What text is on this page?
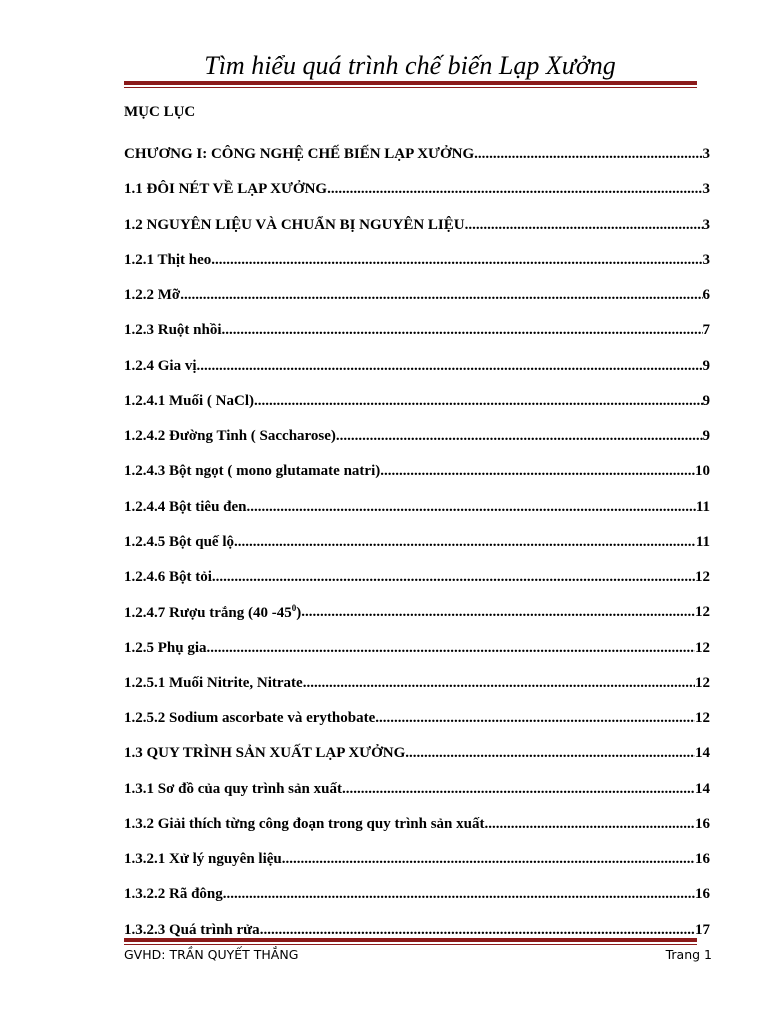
Tìm hiểu quá trình chế biến Lạp Xưởng
MỤC LỤC
CHƯƠNG I: CÔNG NGHỆ CHẾ BIẾN LẠP XƯỞNG .....	3
1.1 ĐÔI NÉT VỀ LẠP XƯỞNG .....	3
1.2 NGUYÊN LIỆU VÀ CHUẨN BỊ NGUYÊN LIỆU .....	3
1.2.1 Thịt heo .....	3
1.2.2 Mỡ .....	6
1.2.3 Ruột nhồi .....	7
1.2.4 Gia vị .....	9
1.2.4.1 Muối ( NaCl) .....	9
1.2.4.2 Đường Tinh ( Saccharose) .....	9
1.2.4.3 Bột ngọt ( mono glutamate natri) .....	10
1.2.4.4 Bột tiêu đen .....	11
1.2.4.5 Bột quế lộ .....	11
1.2.4.6 Bột tỏi .....	12
1.2.4.7 Rượu trắng (40 $-45^0$) .....	12
1.2.5 Phụ gia .....	12
1.2.5.1 Muối Nitrite, Nitrate .....	12
1.2.5.2 Sodium ascorbate và erythobate .....	12
1.3 QUY TRÌNH SẢN XUẤT LẠP XƯỞNG .....	14
1.3.1 Sơ đồ của quy trình sản xuất .....	14
1.3.2 Giải thích từng công đoạn trong quy trình sản xuất .....	16
1.3.2.1 Xử lý nguyên liệu .....	16
1.3.2.2 Rã đông .....	16
1.3.2.3 Quá trình rửa .....	17
GVHD: TRẦN QUYẾT THẮNG	Trang 1
